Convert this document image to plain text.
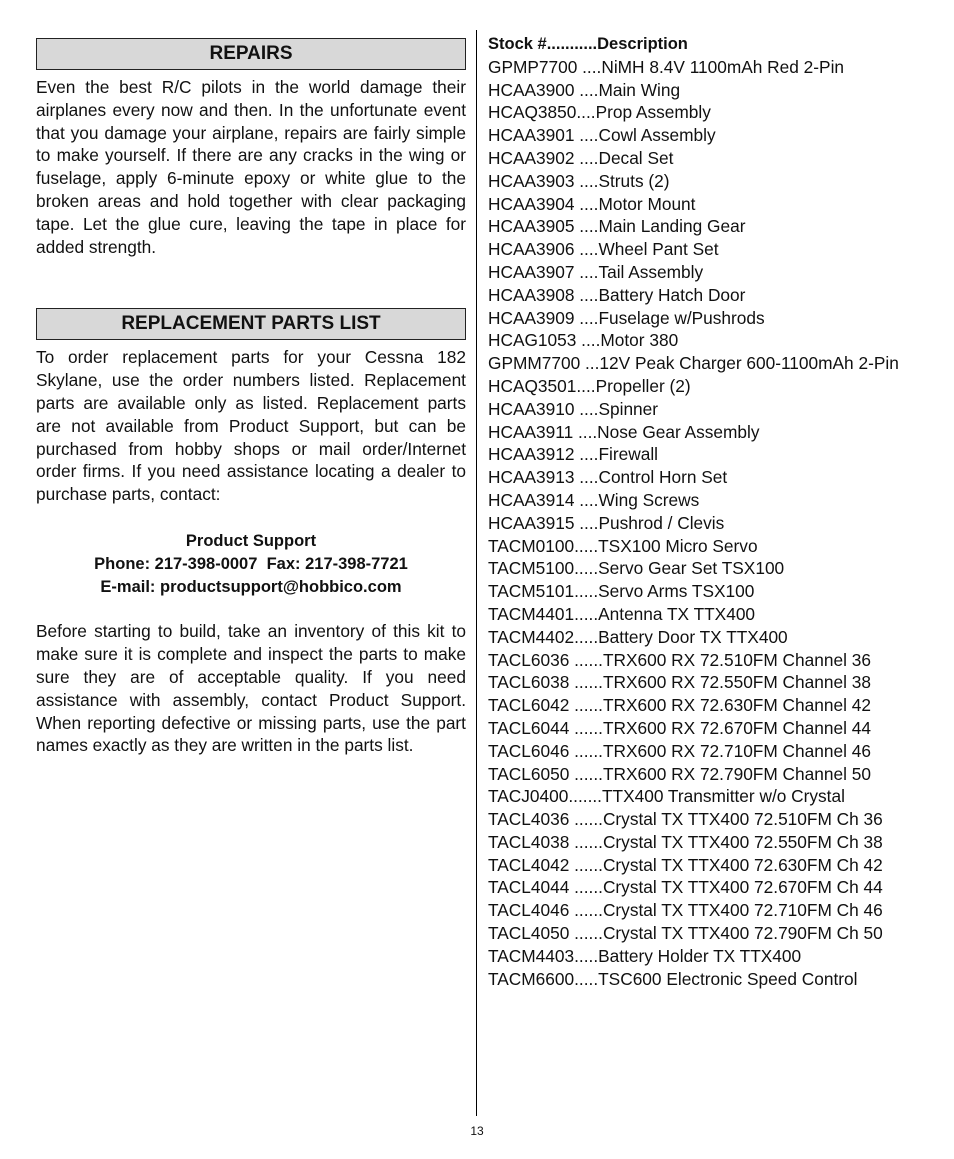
REPAIRS

Even the best R/C pilots in the world damage their airplanes every now and then. In the unfortunate event that you damage your airplane, repairs are fairly simple to make yourself. If there are any cracks in the wing or fuselage, apply 6-minute epoxy or white glue to the broken areas and hold together with clear packaging tape. Let the glue cure, leaving the tape in place for added strength.

REPLACEMENT PARTS LIST

To order replacement parts for your Cessna 182 Skylane, use the order numbers listed. Replacement parts are available only as listed. Replacement parts are not available from Product Support, but can be purchased from hobby shops or mail order/Internet order firms. If you need assistance locating a dealer to purchase parts, contact:

Product Support
Phone: 217-398-0007  Fax: 217-398-7721
E-mail: productsupport@hobbico.com

Before starting to build, take an inventory of this kit to make sure it is complete and inspect the parts to make sure they are of acceptable quality. If you need assistance with assembly, contact Product Support. When reporting defective or missing parts, use the part names exactly as they are written in the parts list.

Stock #...........Description
GPMP7700 ....NiMH 8.4V 1100mAh Red 2-Pin
HCAA3900 ....Main Wing
HCAQ3850....Prop Assembly
HCAA3901 ....Cowl Assembly
HCAA3902 ....Decal Set
HCAA3903 ....Struts (2)
HCAA3904 ....Motor Mount
HCAA3905 ....Main Landing Gear
HCAA3906 ....Wheel Pant Set
HCAA3907 ....Tail Assembly
HCAA3908 ....Battery Hatch Door
HCAA3909 ....Fuselage w/Pushrods
HCAG1053 ....Motor 380
GPMM7700 ...12V Peak Charger 600-1100mAh 2-Pin
HCAQ3501....Propeller (2)
HCAA3910 ....Spinner
HCAA3911 ....Nose Gear Assembly
HCAA3912 ....Firewall
HCAA3913 ....Control Horn Set
HCAA3914 ....Wing Screws
HCAA3915 ....Pushrod / Clevis
TACM0100.....TSX100 Micro Servo
TACM5100.....Servo Gear Set TSX100
TACM5101.....Servo Arms TSX100
TACM4401.....Antenna TX TTX400
TACM4402.....Battery Door TX TTX400
TACL6036 ......TRX600 RX 72.510FM Channel 36
TACL6038 ......TRX600 RX 72.550FM Channel 38
TACL6042 ......TRX600 RX 72.630FM Channel 42
TACL6044 ......TRX600 RX 72.670FM Channel 44
TACL6046 ......TRX600 RX 72.710FM Channel 46
TACL6050 ......TRX600 RX 72.790FM Channel 50
TACJ0400.......TTX400 Transmitter w/o Crystal
TACL4036 ......Crystal TX TTX400 72.510FM Ch 36
TACL4038 ......Crystal TX TTX400 72.550FM Ch 38
TACL4042 ......Crystal TX TTX400 72.630FM Ch 42
TACL4044 ......Crystal TX TTX400 72.670FM Ch 44
TACL4046 ......Crystal TX TTX400 72.710FM Ch 46
TACL4050 ......Crystal TX TTX400 72.790FM Ch 50
TACM4403.....Battery Holder TX TTX400
TACM6600.....TSC600 Electronic Speed Control
13
